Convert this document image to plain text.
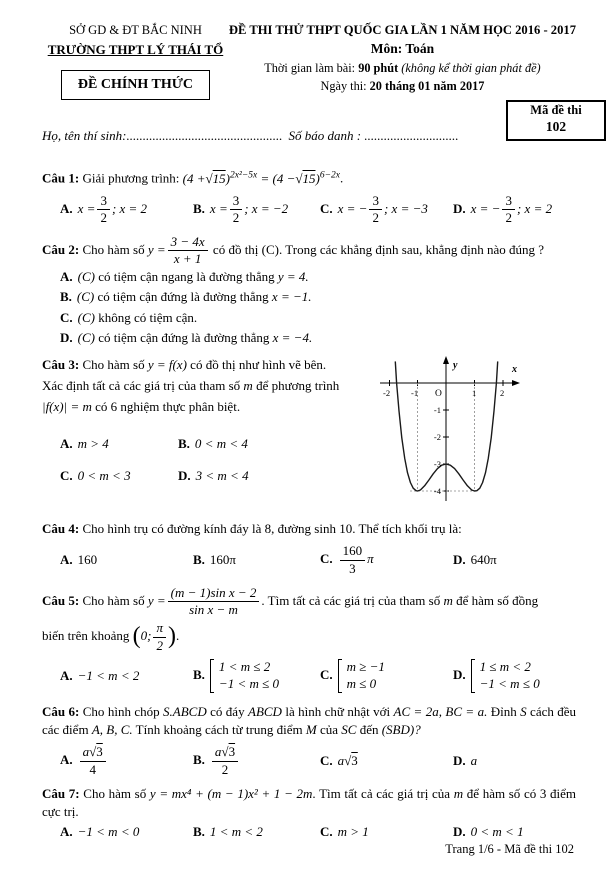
SỞ GD & ĐT BẮC NINH
TRƯỜNG THPT LÝ THÁI TỔ
ĐỀ CHÍNH THỨC
ĐỀ THI THỬ THPT QUỐC GIA LẦN 1 NĂM HỌC 2016 - 2017
Môn: Toán
Thời gian làm bài: 90 phút (không kể thời gian phát đề)
Ngày thi: 20 tháng 01 năm 2017
Họ, tên thí sinh:................................................ Số báo danh : .............................
Mã đề thi
102
Câu 1: Giải phương trình: $(4 +√15)^{2x^2-5x} = (4 -√15)^{6-2x}$.
A. $x = \frac{3}{2}$ ; x = 2	B. $x = \frac{3}{2}$ ; x = −2	C. x = − $\frac{3}{2}$ ; x = −3	D. x = − $\frac{3}{2}$ ; x = 2
Câu 2: Cho hàm số $y = \frac{3 - 4x}{x + 1}$ có đồ thị (C). Trong các khẳng định sau, khẳng định nào đúng ?
A. (C) có tiệm cận ngang là đường thẳng y = 4.
B. (C) có tiệm cận đứng là đường thẳng x = −1.
C. (C) không có tiệm cận.
D. (C) có tiệm cận đứng là đường thẳng x = −4.
Câu 3: Cho hàm số y = f(x) có đồ thị như hình vẽ bên.
Xác định tất cả các giá trị của tham số m để phương trình
|f(x)| = m có 6 nghiệm thực phân biệt.
A. m > 4	B. 0 < m < 4
C. 0 < m < 3	D. 3 < m < 4
y	x
O
-2 -1	1	2
-1
-2
-3
-4
Câu 4: Cho hình trụ có đường kính đáy là 8, đường sinh 10. Thể tích khối trụ là:
A. 160	B. 160π	C. $\frac{160}{3}$ π	D. 640π
Câu 5: Cho hàm số $y = \frac{\text{(m − 1)sin x − 2}}{\text{sin x − m}}$ . Tìm tất cả các giá trị của tham số m để hàm số đồng
biến trên khoảng (0; $\frac{\pi}{2}$ ).
A. −1 < m < 2	B.
1 < m ≤ 2
−1 < m ≤ 0
C.
m ≥ −1
m ≤ 0
D.
1 ≤ m < 2
−1 < m ≤ 0
Câu 6: Cho hình chóp S.ABCD có đáy ABCD là hình chữ nhật với AC = 2a, BC = a. Đỉnh S cách đều các điểm A, B, C. Tính khoảng cách từ trung điểm M của SC đến (SBD)?
A. $\frac{a√3}{4}$	B. $\frac{a√3}{2}$	C. a√3	D. a
Câu 7: Cho hàm số y = mx⁴ + (m − 1)x² + 1 − 2m. Tìm tất cả các giá trị của m để hàm số có 3 điểm cực trị.
A. −1 < m < 0	B. 1 < m < 2	C. m > 1	D. 0 < m < 1
Trang 1/6 - Mã đề thi 102
